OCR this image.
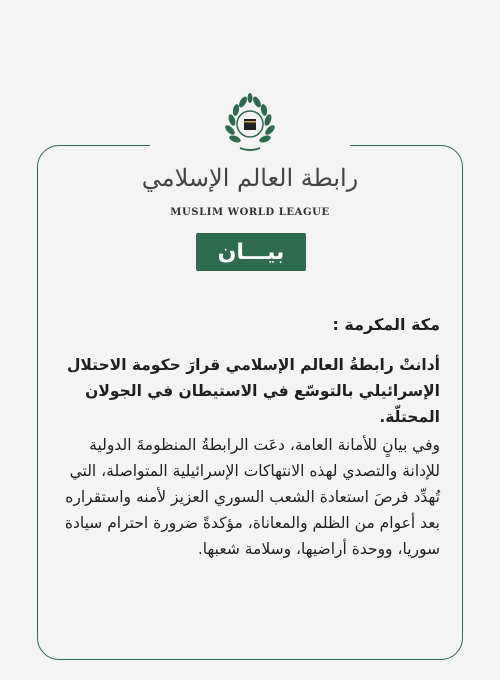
رابطة العالم الإسلامي
MUSLIM WORLD LEAGUE
بيـــان
مكة المكرمة :
أدانتْ رابطةُ العالم الإسلامي قرارَ حكومة الاحتلال الإسرائيلي بالتوسّع في الاستيطان في الجولان المحتلّة.
وفي بيانٍ للأمانة العامة، دعَت الرابطةُ المنظومةَ الدولية للإدانة والتصدي لهذه الانتهاكات الإسرائيلية المتواصلة، التي تُهدِّد فرصَ استعادة الشعب السوري العزيز لأمنه واستقراره بعد أعوام من الظلم والمعاناة، مؤكدةً ضرورة احترام سيادة سوريا، ووحدة أراضيها، وسلامة شعبها.
